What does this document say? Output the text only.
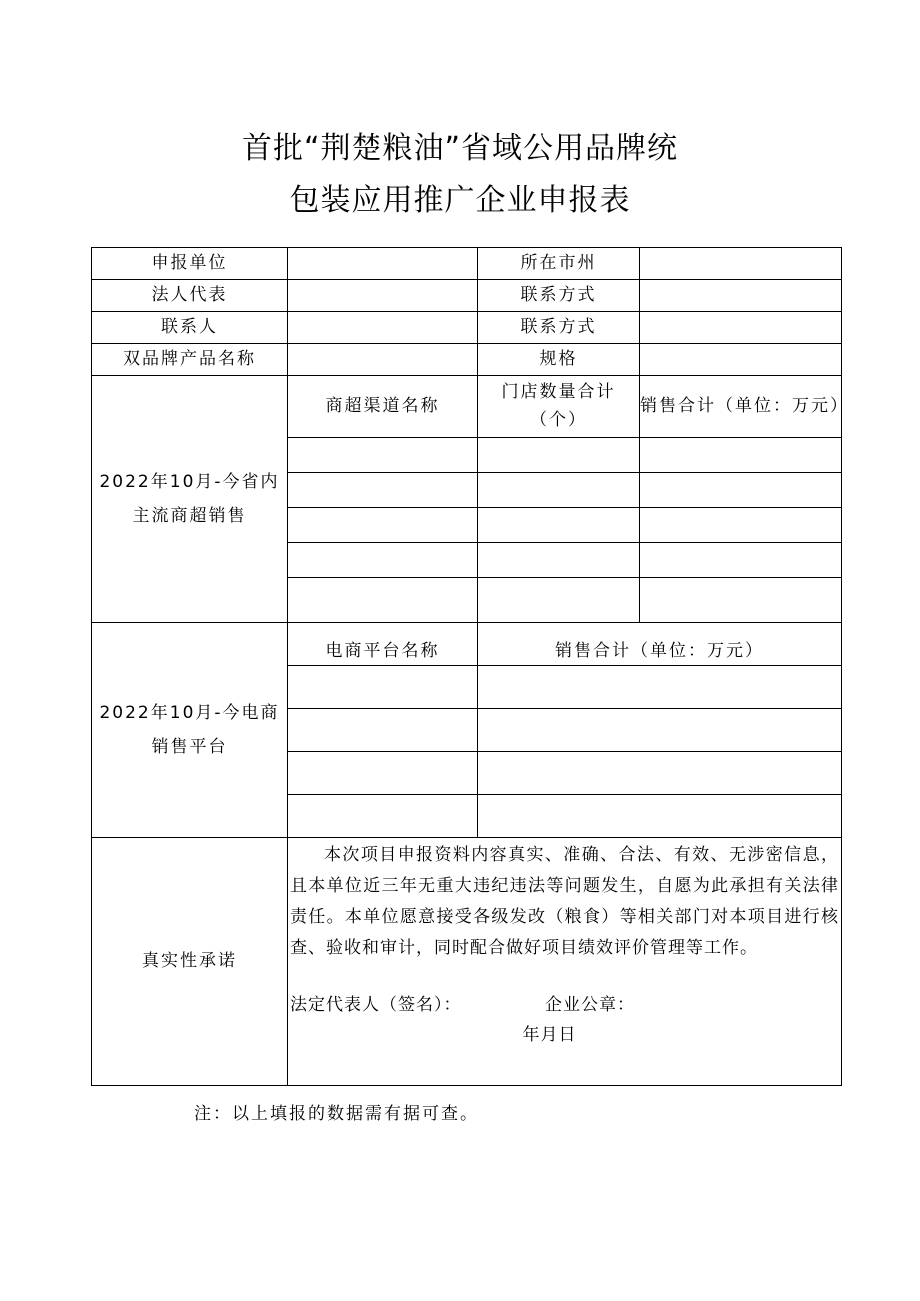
首批“荆楚粮油”省域公用品牌统
包装应用推广企业申报表
申报单位		所在市州	
法人代表		联系方式	
联系人		联系方式	
双品牌产品名称		规格	
2022年10月-今省内主流商超销售	商超渠道名称	门店数量合计（个）	销售合计（单位：万元）

2022年10月-今电商销售平台	电商平台名称	销售合计（单位：万元）	

真实性承诺	本次项目申报资料内容真实、准确、合法、有效、无涉密信息，且本单位近三年无重大违纪违法等问题发生，自愿为此承担有关法律责任。本单位愿意接受各级发改（粮食）等相关部门对本项目进行核查、验收和审计，同时配合做好项目绩效评价管理等工作。

法定代表人（签名）： 企业公章：
年月日		
注：以上填报的数据需有据可查。
